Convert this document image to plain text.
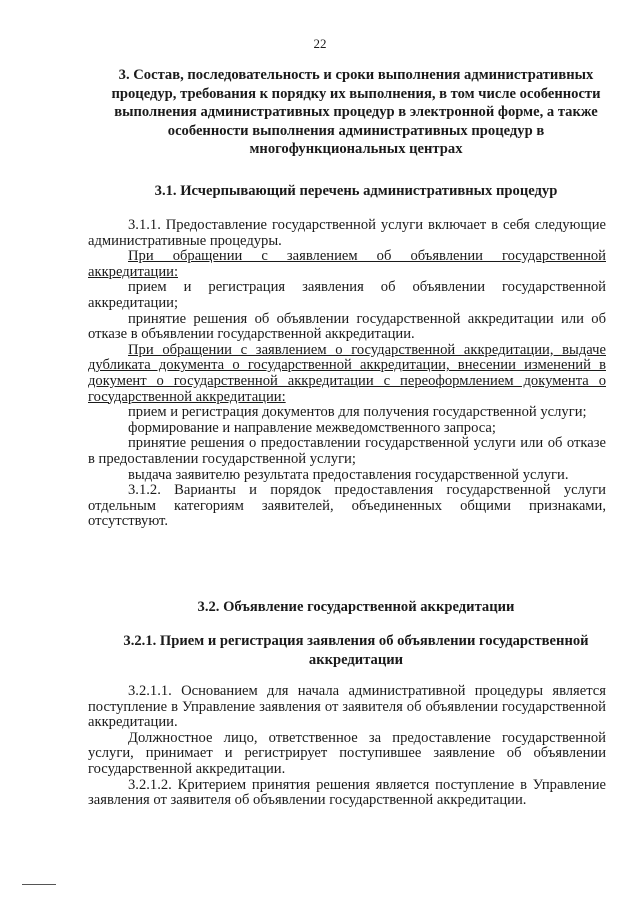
22
3. Состав, последовательность и сроки выполнения административных процедур, требования к порядку их выполнения, в том числе особенности выполнения административных процедур в электронной форме, а также особенности выполнения административных процедур в многофункциональных центрах
3.1. Исчерпывающий перечень административных процедур

3.1.1. Предоставление государственной услуги включает в себя следующие административные процедуры.

При обращении с заявлением об объявлении государственной аккредитации:

прием и регистрация заявления об объявлении государственной аккредитации;

принятие решения об объявлении государственной аккредитации или об отказе в объявлении государственной аккредитации.

При обращении с заявлением о государственной аккредитации, выдаче дубликата документа о государственной аккредитации, внесении изменений в документ о государственной аккредитации с переоформлением документа о государственной аккредитации:

прием и регистрация документов для получения государственной услуги;

формирование и направление межведомственного запроса;

принятие решения о предоставлении государственной услуги или об отказе в предоставлении государственной услуги;

выдача заявителю результата предоставления государственной услуги.

3.1.2. Варианты и порядок предоставления государственной услуги отдельным категориям заявителей, объединенных общими признаками, отсутствуют.

3.2. Объявление государственной аккредитации
3.2.1. Прием и регистрация заявления об объявлении государственной аккредитации

3.2.1.1. Основанием для начала административной процедуры является поступление в Управление заявления от заявителя об объявлении государственной аккредитации.

Должностное лицо, ответственное за предоставление государственной услуги, принимает и регистрирует поступившее заявление об объявлении государственной аккредитации.

3.2.1.2. Критерием принятия решения является поступление в Управление заявления от заявителя об объявлении государственной аккредитации.
